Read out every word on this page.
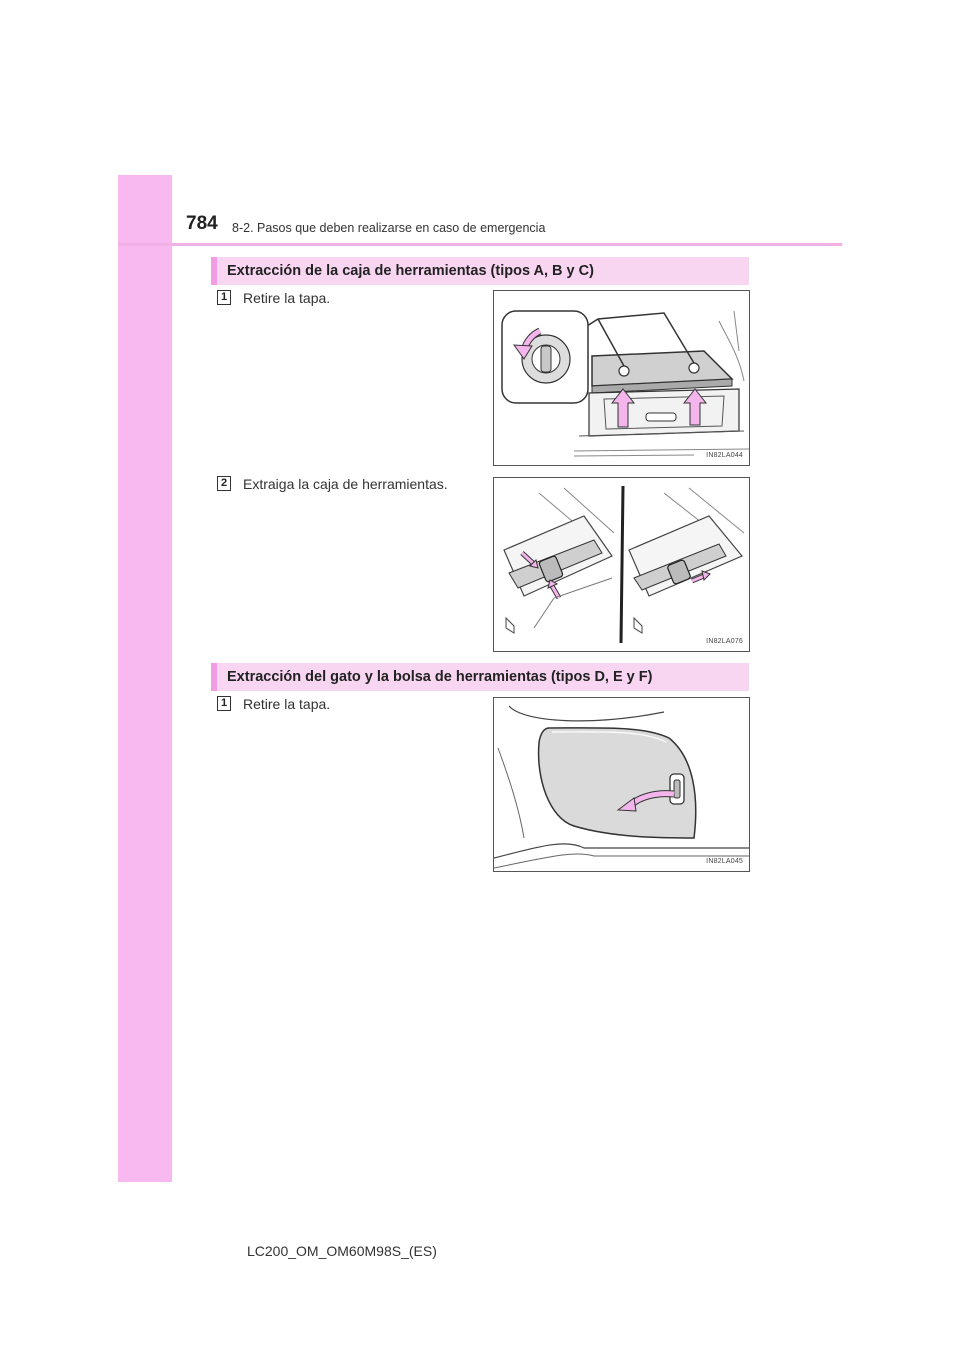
784 8-2. Pasos que deben realizarse en caso de emergencia
Extracción de la caja de herramientas (tipos A, B y C)
1 Retire la tapa.
IN82LA044
2 Extraiga la caja de herramientas.
IN82LA076
Extracción del gato y la bolsa de herramientas (tipos D, E y F)
1 Retire la tapa.
IN82LA045
LC200_OM_OM60M98S_(ES)
